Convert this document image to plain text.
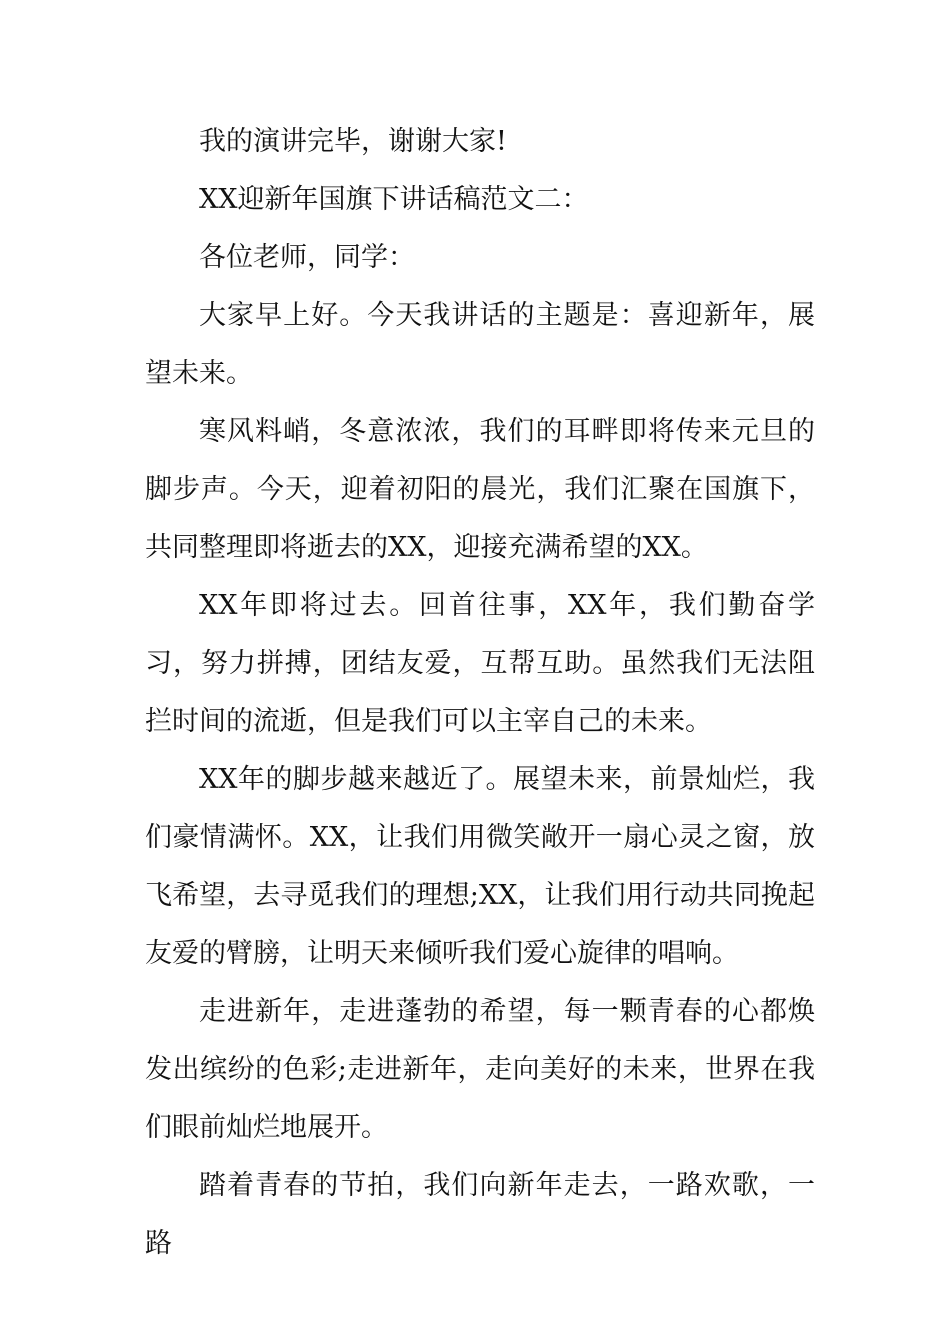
我的演讲完毕，谢谢大家!

XX迎新年国旗下讲话稿范文二：

各位老师，同学：

大家早上好。今天我讲话的主题是：喜迎新年，展望未来。

寒风料峭，冬意浓浓，我们的耳畔即将传来元旦的脚步声。今天，迎着初阳的晨光，我们汇聚在国旗下，共同整理即将逝去的XX，迎接充满希望的XX。

XX年即将过去。回首往事，XX年，我们勤奋学习，努力拼搏，团结友爱，互帮互助。虽然我们无法阻拦时间的流逝，但是我们可以主宰自己的未来。

XX年的脚步越来越近了。展望未来，前景灿烂，我们豪情满怀。XX，让我们用微笑敞开一扇心灵之窗，放飞希望，去寻觅我们的理想;XX，让我们用行动共同挽起友爱的臂膀，让明天来倾听我们爱心旋律的唱响。

走进新年，走进蓬勃的希望，每一颗青春的心都焕发出缤纷的色彩;走进新年，走向美好的未来，世界在我们眼前灿烂地展开。

踏着青春的节拍，我们向新年走去，一路欢歌，一路
